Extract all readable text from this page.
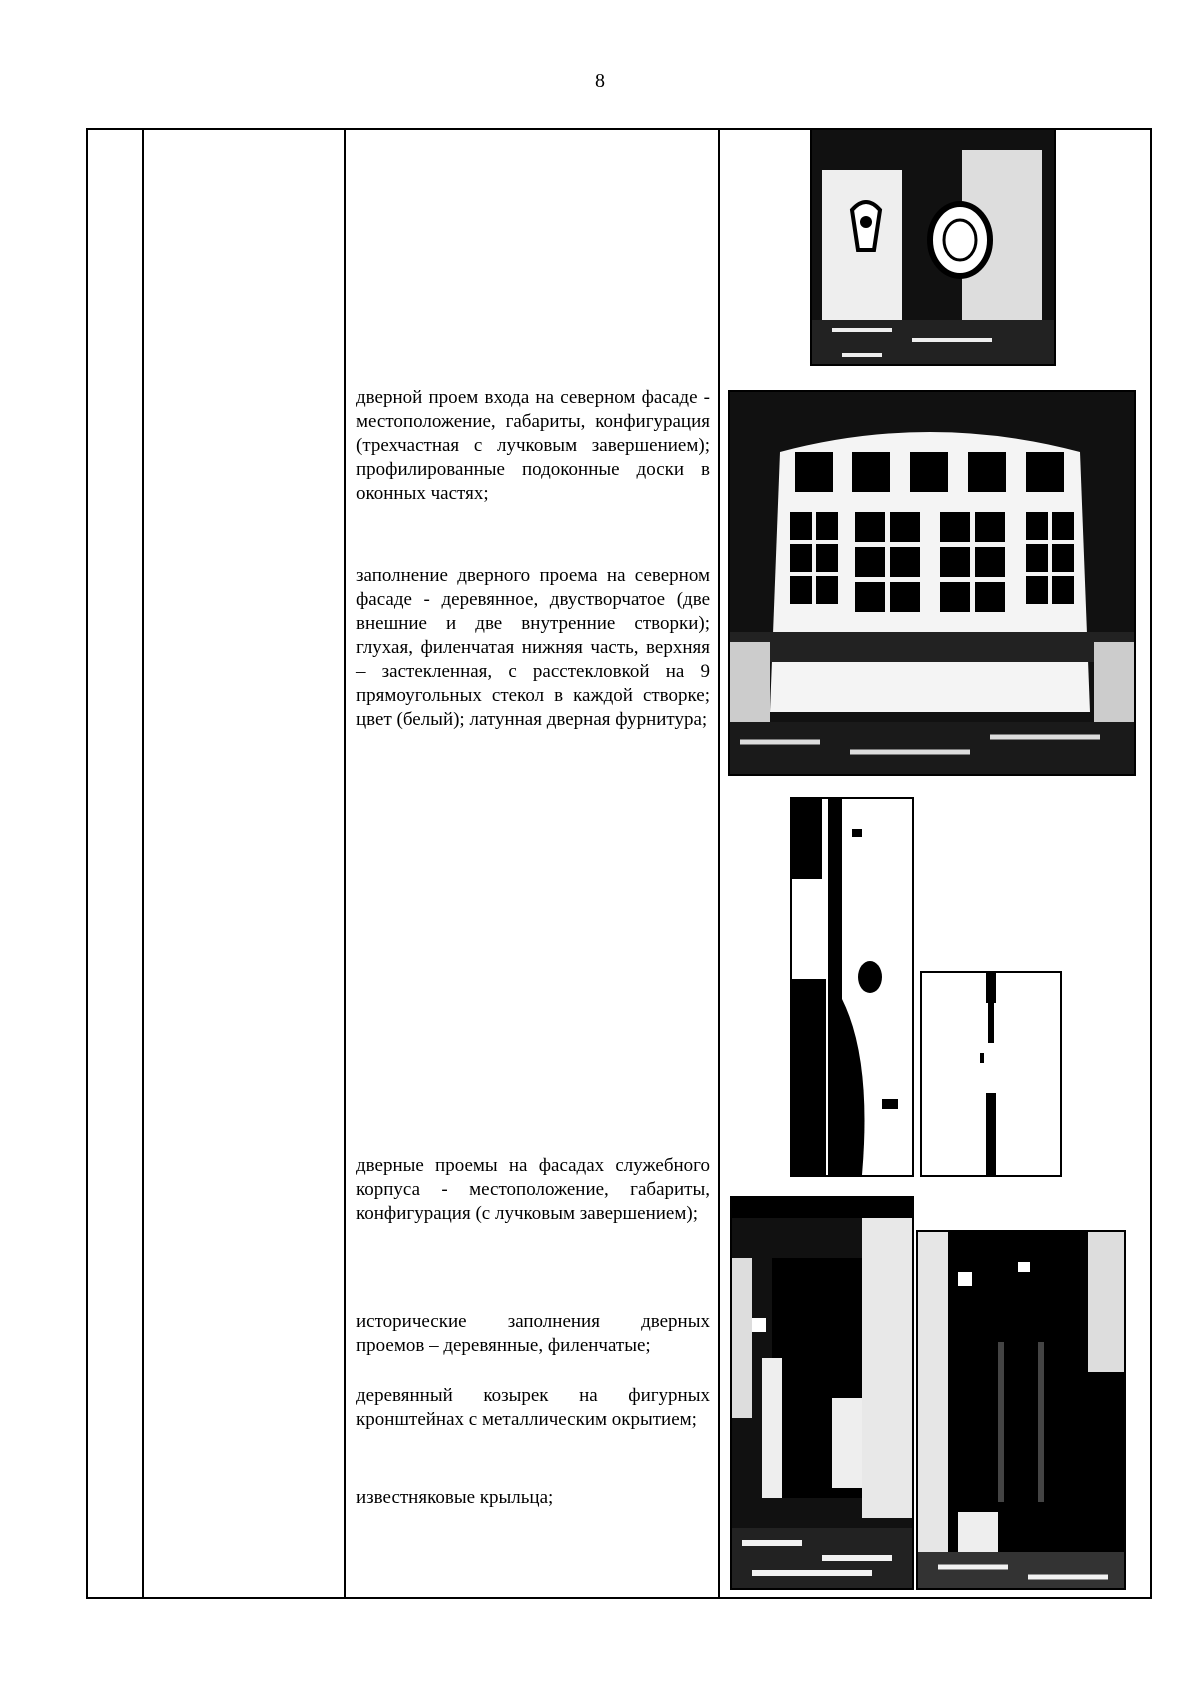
8
дверной проем входа на северном фасаде - местоположение, габариты, конфигурация (трехчастная с лучковым завершением); профилированные подоконные доски в оконных частях;
заполнение дверного проема на северном фасаде - деревянное, двустворчатое (две внешние и две внутренние створки); глухая, филенчатая нижняя часть, верхняя – застекленная, с расстекловкой на 9 прямоугольных стекол в каждой створке; цвет (белый); латунная дверная фурнитура;
дверные проемы на фасадах служебного корпуса - местоположение, габариты, конфигурация (с лучковым завершением);
исторические заполнения дверных проемов – деревянные, филенчатые;
деревянный козырек на фигурных кронштейнах с металлическим окрытием;
известняковые крыльца;
